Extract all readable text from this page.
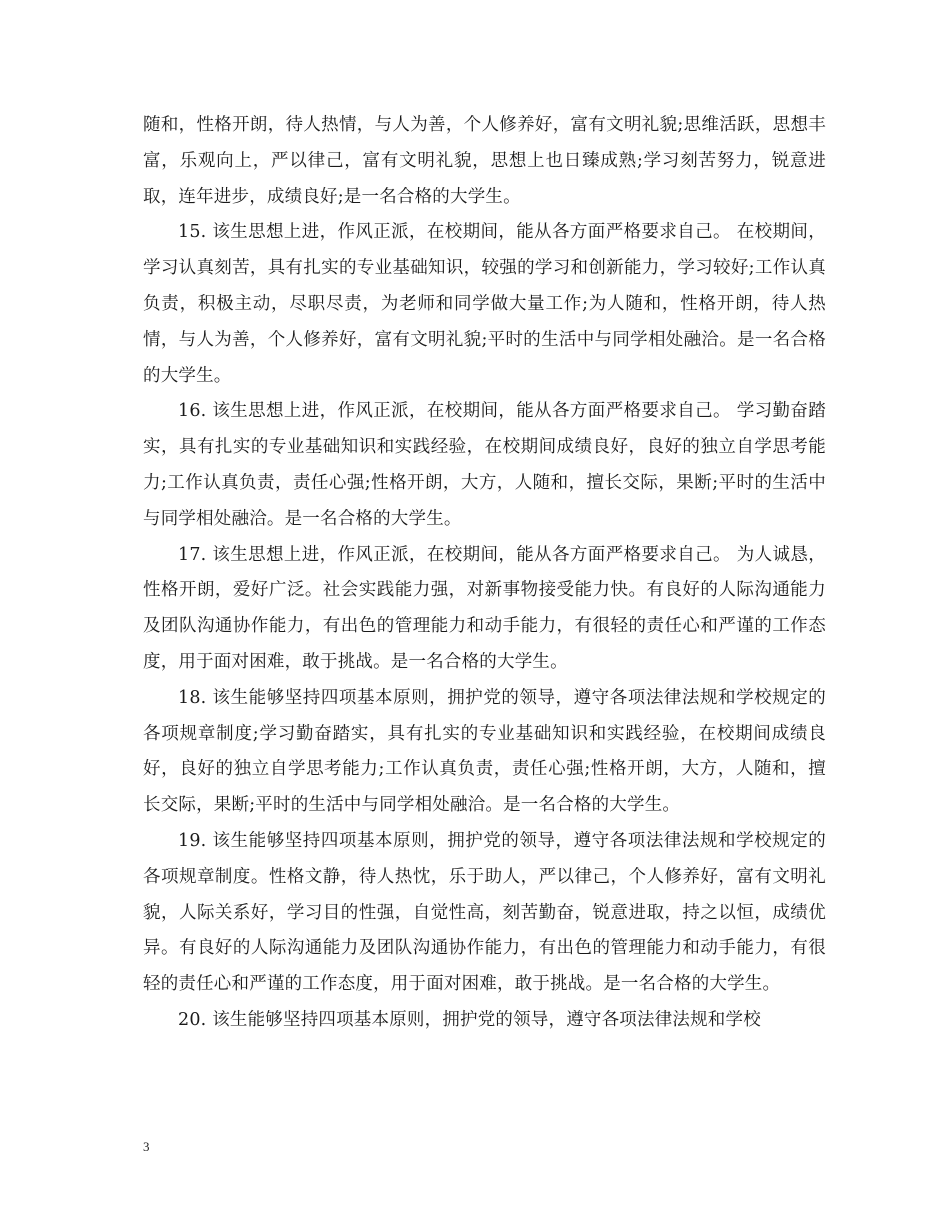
随和，性格开朗，待人热情，与人为善，个人修养好，富有文明礼貌;思维活跃，思想丰富，乐观向上，严以律己，富有文明礼貌，思想上也日臻成熟;学习刻苦努力，锐意进取，连年进步，成绩良好;是一名合格的大学生。

15. 该生思想上进，作风正派，在校期间，能从各方面严格要求自己。 在校期间，学习认真刻苦，具有扎实的专业基础知识，较强的学习和创新能力，学习较好;工作认真负责，积极主动，尽职尽责，为老师和同学做大量工作;为人随和，性格开朗，待人热情，与人为善，个人修养好，富有文明礼貌;平时的生活中与同学相处融洽。是一名合格的大学生。

16. 该生思想上进，作风正派，在校期间，能从各方面严格要求自己。 学习勤奋踏实，具有扎实的专业基础知识和实践经验，在校期间成绩良好，良好的独立自学思考能力;工作认真负责，责任心强;性格开朗，大方，人随和，擅长交际，果断;平时的生活中与同学相处融洽。是一名合格的大学生。

17. 该生思想上进，作风正派，在校期间，能从各方面严格要求自己。 为人诚恳，性格开朗，爱好广泛。社会实践能力强，对新事物接受能力快。有良好的人际沟通能力及团队沟通协作能力，有出色的管理能力和动手能力，有很轻的责任心和严谨的工作态度，用于面对困难，敢于挑战。是一名合格的大学生。

18. 该生能够坚持四项基本原则，拥护党的领导，遵守各项法律法规和学校规定的各项规章制度;学习勤奋踏实，具有扎实的专业基础知识和实践经验，在校期间成绩良好，良好的独立自学思考能力;工作认真负责，责任心强;性格开朗，大方，人随和，擅长交际，果断;平时的生活中与同学相处融洽。是一名合格的大学生。

19. 该生能够坚持四项基本原则，拥护党的领导，遵守各项法律法规和学校规定的各项规章制度。性格文静，待人热忱，乐于助人，严以律己，个人修养好，富有文明礼貌，人际关系好，学习目的性强，自觉性高，刻苦勤奋，锐意进取，持之以恒，成绩优异。有良好的人际沟通能力及团队沟通协作能力，有出色的管理能力和动手能力，有很轻的责任心和严谨的工作态度，用于面对困难，敢于挑战。是一名合格的大学生。

20. 该生能够坚持四项基本原则，拥护党的领导，遵守各项法律法规和学校

3
